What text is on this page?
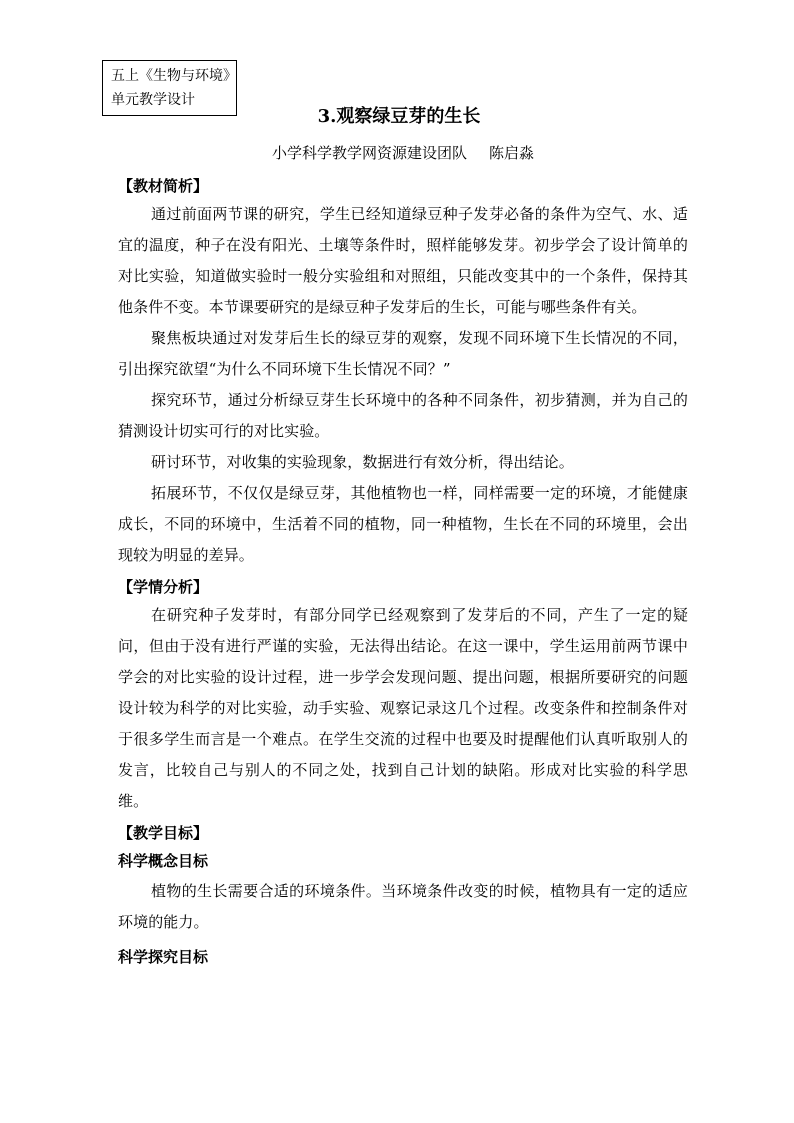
五上《生物与环境》
单元教学设计
3.观察绿豆芽的生长
小学科学教学网资源建设团队 陈启淼

【教材简析】

通过前面两节课的研究，学生已经知道绿豆种子发芽必备的条件为空气、水、适宜的温度，种子在没有阳光、土壤等条件时，照样能够发芽。初步学会了设计简单的对比实验，知道做实验时一般分实验组和对照组，只能改变其中的一个条件，保持其他条件不变。本节课要研究的是绿豆种子发芽后的生长，可能与哪些条件有关。

聚焦板块通过对发芽后生长的绿豆芽的观察，发现不同环境下生长情况的不同，引出探究欲望“为什么不同环境下生长情况不同？”

探究环节，通过分析绿豆芽生长环境中的各种不同条件，初步猜测，并为自己的猜测设计切实可行的对比实验。

研讨环节，对收集的实验现象，数据进行有效分析，得出结论。

拓展环节，不仅仅是绿豆芽，其他植物也一样，同样需要一定的环境，才能健康成长，不同的环境中，生活着不同的植物，同一种植物，生长在不同的环境里，会出现较为明显的差异。

【学情分析】

在研究种子发芽时，有部分同学已经观察到了发芽后的不同，产生了一定的疑问，但由于没有进行严谨的实验，无法得出结论。在这一课中，学生运用前两节课中学会的对比实验的设计过程，进一步学会发现问题、提出问题，根据所要研究的问题设计较为科学的对比实验，动手实验、观察记录这几个过程。改变条件和控制条件对于很多学生而言是一个难点。在学生交流的过程中也要及时提醒他们认真听取别人的发言，比较自己与别人的不同之处，找到自己计划的缺陷。形成对比实验的科学思维。

【教学目标】

科学概念目标

植物的生长需要合适的环境条件。当环境条件改变的时候，植物具有一定的适应环境的能力。

科学探究目标
